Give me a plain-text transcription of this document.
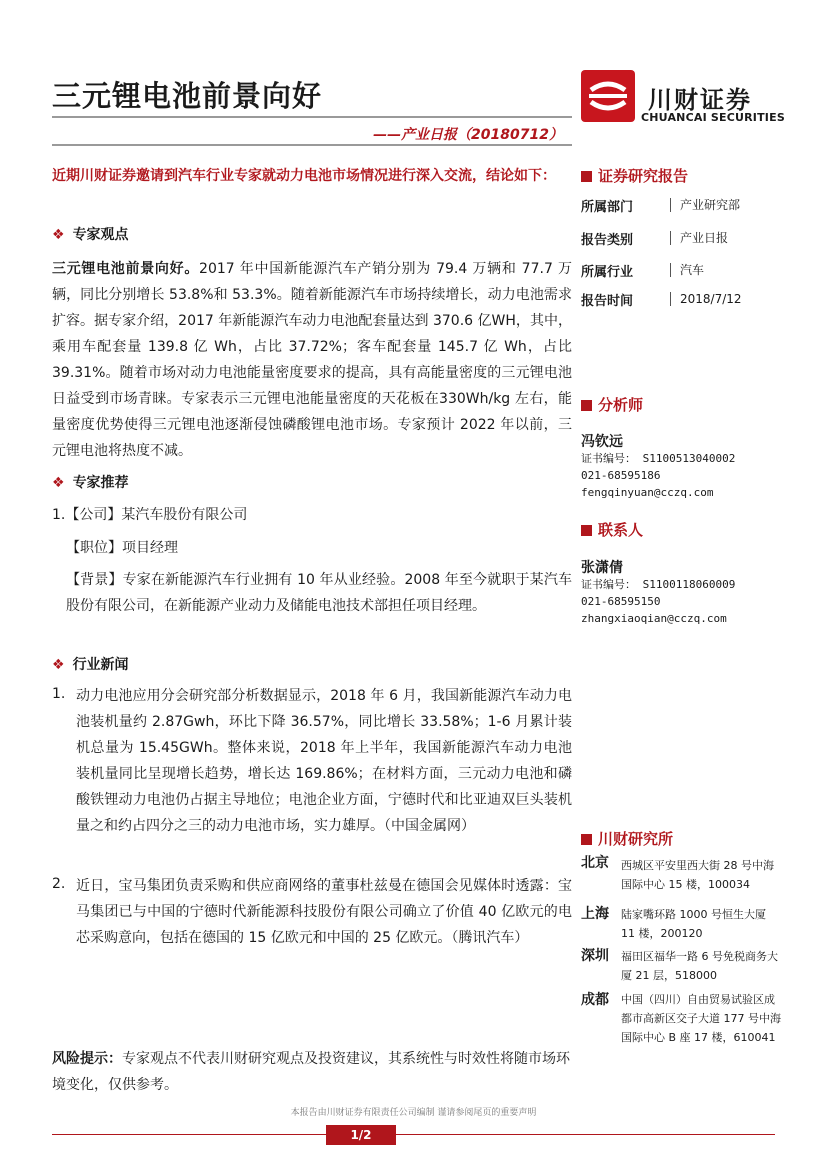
三元锂电池前景向好
——产业日报（20180712）
川财证券
CHUANCAI SECURITIES
近期川财证券邀请到汽车行业专家就动力电池市场情况进行深入交流，结论如下：
❖ 专家观点
三元锂电池前景向好。2017 年中国新能源汽车产销分别为 79.4 万辆和 77.7 万辆，同比分别增长 53.8%和 53.3%。随着新能源汽车市场持续增长，动力电池需求扩容。据专家介绍，2017 年新能源汽车动力电池配套量达到 370.6 亿WH，其中，乘用车配套量 139.8 亿 Wh，占比 37.72%；客车配套量 145.7 亿 Wh，占比 39.31%。随着市场对动力电池能量密度要求的提高，具有高能量密度的三元锂电池日益受到市场青睐。专家表示三元锂电池能量密度的天花板在330Wh/kg 左右，能量密度优势使得三元锂电池逐渐侵蚀磷酸锂电池市场。专家预计 2022 年以前，三元锂电池将热度不减。
❖ 专家推荐
1.【公司】某汽车股份有限公司
【职位】项目经理
【背景】专家在新能源汽车行业拥有 10 年从业经验。2008 年至今就职于某汽车股份有限公司，在新能源产业动力及储能电池技术部担任项目经理。
❖ 行业新闻
1. 动力电池应用分会研究部分析数据显示，2018 年 6 月，我国新能源汽车动力电池装机量约 2.87Gwh，环比下降 36.57%，同比增长 33.58%；1-6 月累计装机总量为 15.45GWh。整体来说，2018 年上半年，我国新能源汽车动力电池装机量同比呈现增长趋势，增长达 169.86%；在材料方面，三元动力电池和磷酸铁锂动力电池仍占据主导地位；电池企业方面，宁德时代和比亚迪双巨头装机量之和约占四分之三的动力电池市场，实力雄厚。（中国金属网）
2. 近日，宝马集团负责采购和供应商网络的董事杜兹曼在德国会见媒体时透露：宝马集团已与中国的宁德时代新能源科技股份有限公司确立了价值 40 亿欧元的电芯采购意向，包括在德国的 15 亿欧元和中国的 25 亿欧元。（腾讯汽车）
风险提示：专家观点不代表川财研究观点及投资建议，其系统性与时效性将随市场环境变化，仅供参考。
证券研究报告
所属部门	产业研究部
报告类别	产业日报
所属行业	汽车
报告时间	2018/7/12
分析师
冯钦远
证书编号： S1100513040002
021-68595186
fengqinyuan@cczq.com
联系人
张潇倩
证书编号： S1100118060009
021-68595150
zhangxiaoqian@cczq.com
川财研究所
北京 西城区平安里西大街 28 号中海国际中心 15 楼，100034
上海 陆家嘴环路 1000 号恒生大厦 11 楼，200120
深圳 福田区福华一路 6 号免税商务大厦 21 层，518000
成都 中国（四川）自由贸易试验区成都市高新区交子大道 177 号中海国际中心 B 座 17 楼，610041
本报告由川财证券有限责任公司编制 谨请参阅尾页的重要声明
1/2
